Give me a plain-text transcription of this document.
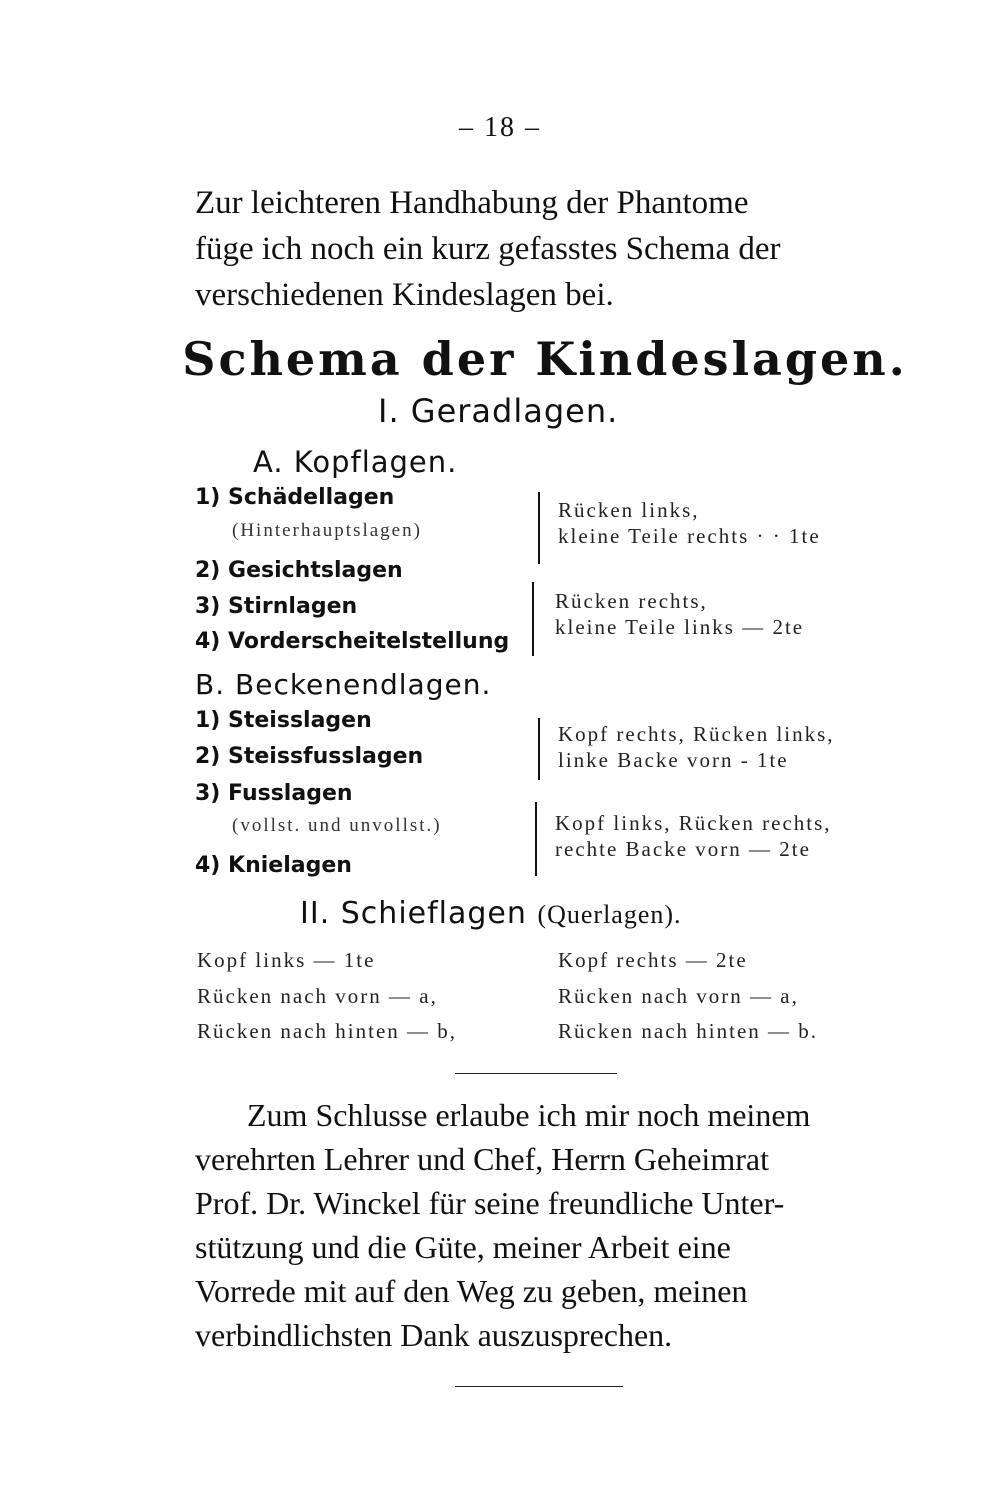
– 18 –
Zur leichteren Handhabung der Phantome
füge ich noch ein kurz gefasstes Schema der
verschiedenen Kindeslagen bei.
Schema der Kindeslagen.
I. Geradlagen.
A. Kopflagen.
1) Schädellagen
(Hinterhauptslagen)
2) Gesichtslagen
3) Stirnlagen
4) Vorderscheitelstellung
Rücken links,
kleine Teile rechts · · 1te
Rücken rechts,
kleine Teile links — 2te
B. Beckenendlagen.
1) Steisslagen
2) Steissfusslagen
3) Fusslagen
(vollst. und unvollst.)
4) Knielagen
Kopf rechts, Rücken links,
linke Backe vorn - 1te
Kopf links, Rücken rechts,
rechte Backe vorn — 2te
II. Schieflagen (Querlagen).
Kopf links — 1te
Rücken nach vorn — a,
Rücken nach hinten — b,
Kopf rechts — 2te
Rücken nach vorn — a,
Rücken nach hinten — b.
Zum Schlusse erlaube ich mir noch meinem
verehrten Lehrer und Chef, Herrn Geheimrat
Prof. Dr. Winckel für seine freundliche Unter-
stützung und die Güte, meiner Arbeit eine
Vorrede mit auf den Weg zu geben, meinen
verbindlichsten Dank auszusprechen.
